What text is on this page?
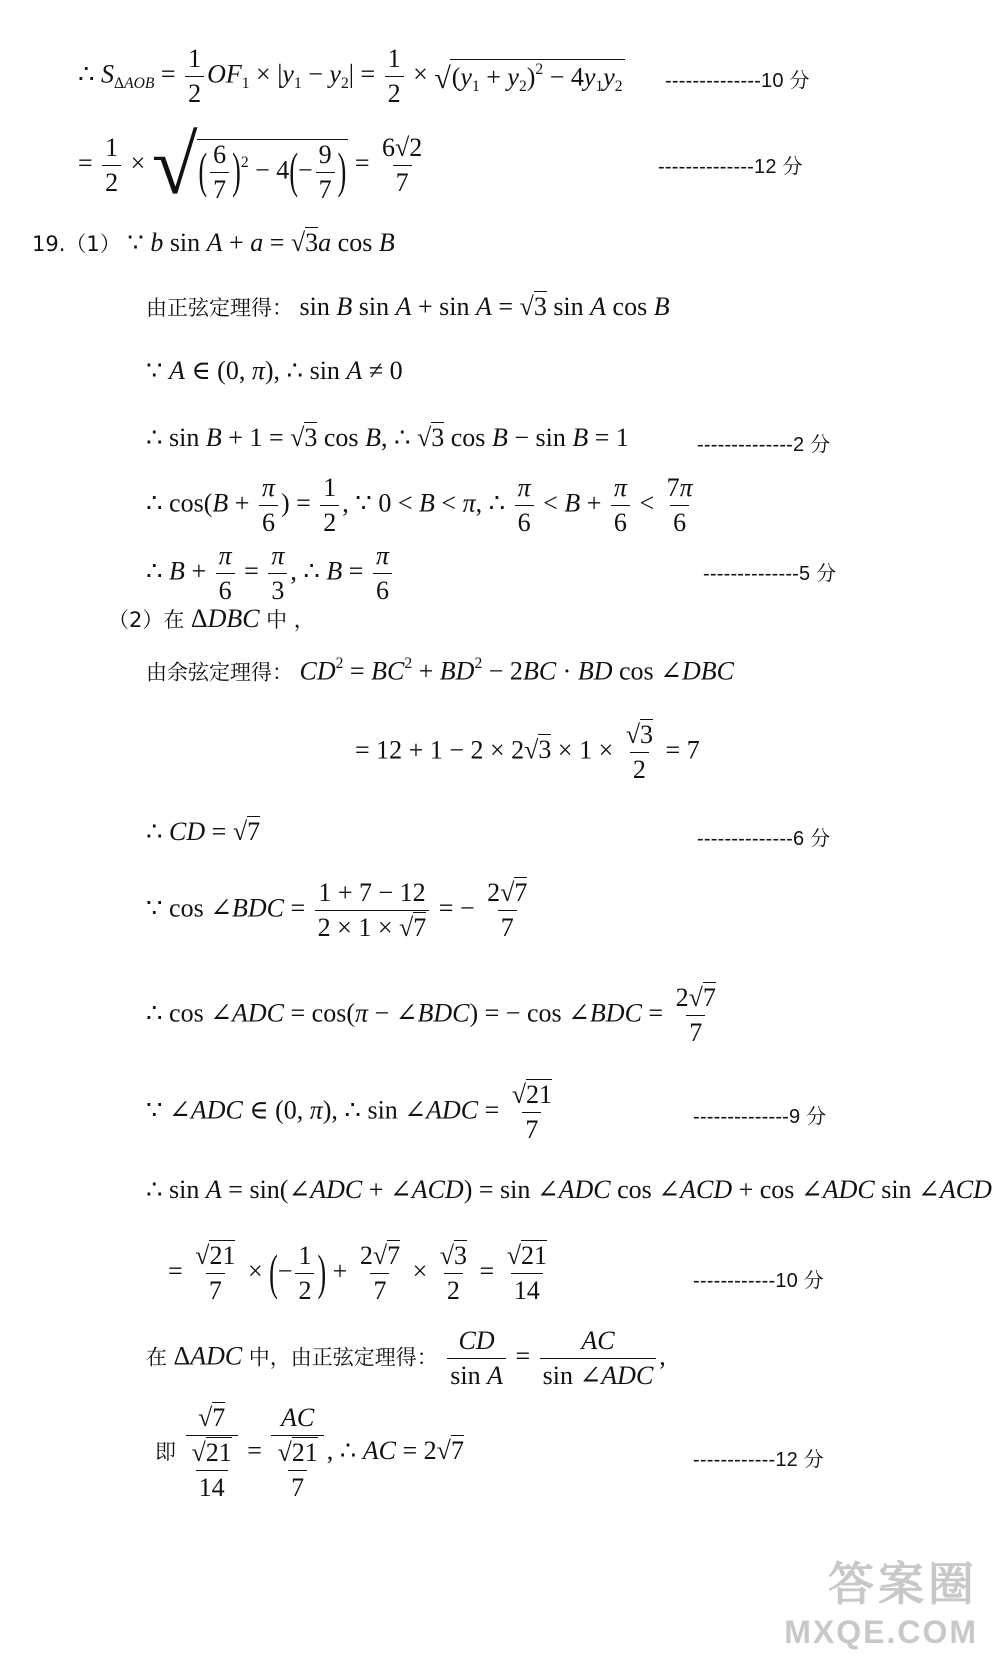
∴ $S_{\Delta AOB} = \frac{1}{2} OF_1 \times |y_1 - y_2| = \frac{1}{2}$ × √ $(y_1 + y_2)^2 - 4y_1y_2$ --------------10 分
= $\frac{1}{2}$ × √ ( $\frac{6}{7} )^2 - 4(- \frac{9}{7}$ ) = $\frac{6√2}{7}$	--------------12 分
19.（1） ∵ b sin A + a = √3a cos B
由正弦定理得： sin B sin A + sin A = √3 sin A cos B
∵ A ∈ (0, π), ∴ sin A ≠ 0
∴ sin B + 1 = √3 cos B, ∴ √3 cos B − sin B = 1	--------------2 分
∴ $\cos(B + \frac{\pi}{6}$ ) = $\frac{1}{2}$ , ∵ 0 < B < π, ∴ $\frac{\pi}{6} < B + \frac{\pi}{6} < \frac{7\pi}{6}$
∴ $B + \frac{\pi}{6} = \frac{\pi}{3}$ , ∴ $B = \frac{\pi}{6}$	--------------5 分
（2）在 ΔDBC 中 ，
由余弦定理得： $CD^2 = BC^2 + BD^2 - 2BC$ · BD cos ∠DBC
= $12 + 1 - 2 \times 2√3 \times 1 \times \frac{√3}{2} = 7$
∴ CD = √7	--------------6 分
∵ cos ∠BDC = $\frac{1 + 7 - 12}{2 \times 1 \times √7}$ = − $\frac{2√7}{7}$
∴ cos ∠ADC = cos(π − ∠BDC) = − cos ∠BDC = $\frac{2√7}{7}$
∵ ∠ADC ∈ (0, π), ∴ sin ∠ADC = $\frac{√21}{7}$	--------------9 分
∴ sin A = sin(∠ADC + ∠ACD) = sin ∠ADC cos ∠ACD + cos ∠ADC sin ∠ACD
= $\frac{√21}{7}$ × (− $\frac{1}{2}$ ) + $\frac{2√7}{7} \times \frac{√3}{2} = \frac{√21}{14}$	------------10 分
在 ΔADC 中，由正弦定理得： $\frac{CD}{\text{sin A}}$ =
AC
sin ∠ADC
,
即 $\frac{√7}{\frac{√21}{14}} = \frac{AC}{\frac{√21}{7}}$ , ∴ AC = 2√7	------------12 分
答案圈
MXQE.COM
